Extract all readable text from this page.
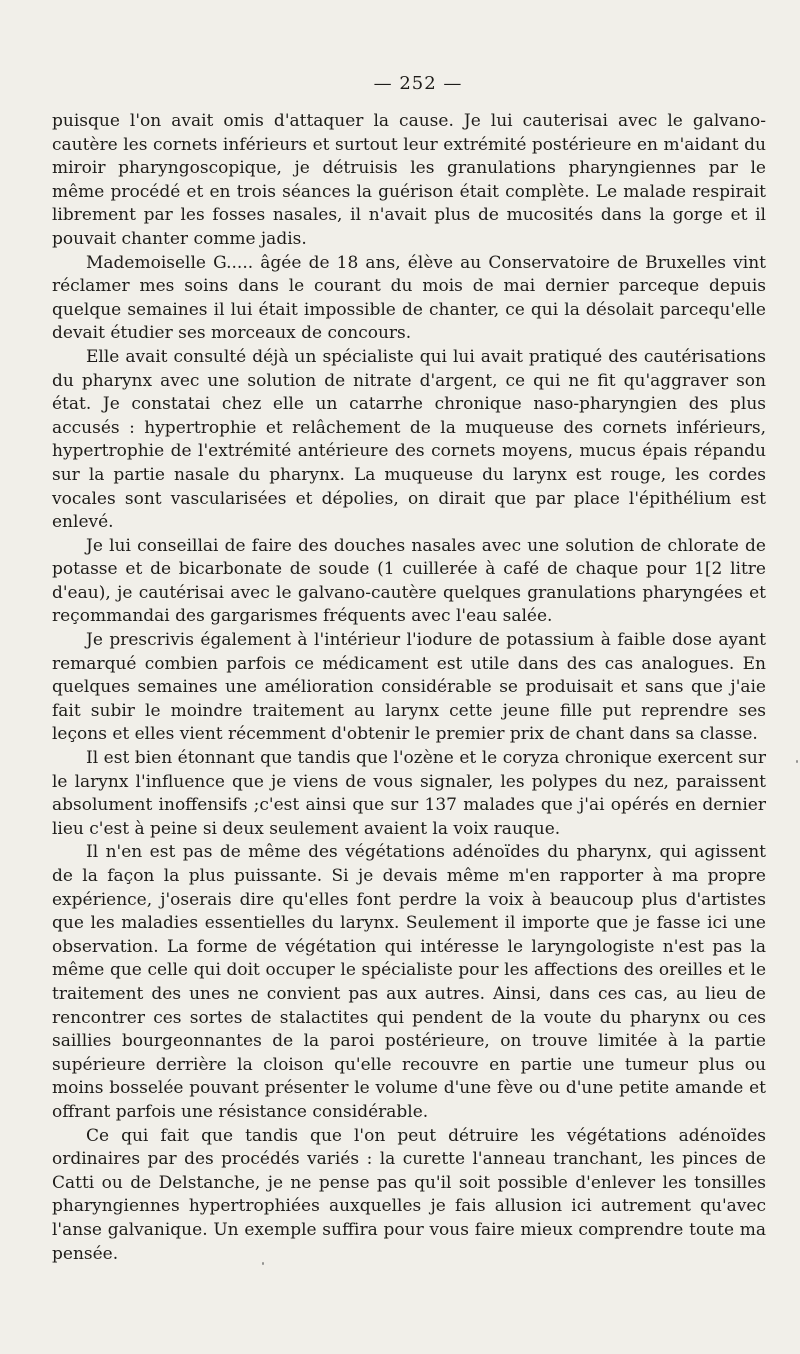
— 252 —

puisque l'on avait omis d'attaquer la cause. Je lui cauterisai avec le galvano-cautère les cornets inférieurs et surtout leur extrémité postérieure en m'aidant du miroir pharyngoscopique, je détruisis les granulations pharyngiennes par le même procédé et en trois séances la guérison était complète. Le malade respirait librement par les fosses nasales, il n'avait plus de mucosités dans la gorge et il pouvait chanter comme jadis.

Mademoiselle G..... âgée de 18 ans, élève au Conservatoire de Bruxelles vint réclamer mes soins dans le courant du mois de mai dernier parceque depuis quelque semaines il lui était impossible de chanter, ce qui la désolait parcequ'elle devait étudier ses morceaux de concours.

Elle avait consulté déjà un spécialiste qui lui avait pratiqué des cautérisations du pharynx avec une solution de nitrate d'argent, ce qui ne fit qu'aggraver son état. Je constatai chez elle un catarrhe chronique naso-pharyngien des plus accusés : hypertrophie et relâchement de la muqueuse des cornets inférieurs, hypertrophie de l'extrémité antérieure des cornets moyens, mucus épais répandu sur la partie nasale du pharynx. La muqueuse du larynx est rouge, les cordes vocales sont vascularisées et dépolies, on dirait que par place l'épithélium est enlevé.

Je lui conseillai de faire des douches nasales avec une solution de chlorate de potasse et de bicarbonate de soude (1 cuillerée à café de chaque pour 1[2 litre d'eau), je cautérisai avec le galvano-cautère quelques granulations pharyngées et reçommandai des gargarismes fréquents avec l'eau salée.

Je prescrivis également à l'intérieur l'iodure de potassium à faible dose ayant remarqué combien parfois ce médicament est utile dans des cas analogues. En quelques semaines une amélioration considérable se produisait et sans que j'aie fait subir le moindre traitement au larynx cette jeune fille put reprendre ses leçons et elles vient récemment d'obtenir le premier prix de chant dans sa classe.

Il est bien étonnant que tandis que l'ozène et le coryza chronique exercent sur le larynx l'influence que je viens de vous signaler, les polypes du nez, paraissent absolument inoffensifs ;c'est ainsi que sur 137 malades que j'ai opérés en dernier lieu c'est à peine si deux seulement avaient la voix rauque.

Il n'en est pas de même des végétations adénoïdes du pharynx, qui agissent de la façon la plus puissante. Si je devais même m'en rapporter à ma propre expérience, j'oserais dire qu'elles font perdre la voix à beaucoup plus d'artistes que les maladies essentielles du larynx. Seulement il importe que je fasse ici une observation. La forme de végétation qui intéresse le laryngologiste n'est pas la même que celle qui doit occuper le spécialiste pour les affections des oreilles et le traitement des unes ne convient pas aux autres. Ainsi, dans ces cas, au lieu de rencontrer ces sortes de stalactites qui pendent de la voute du pharynx ou ces saillies bourgeonnantes de la paroi postérieure, on trouve limitée à la partie supérieure derrière la cloison qu'elle recouvre en partie une tumeur plus ou moins bosselée pouvant présenter le volume d'une fève ou d'une petite amande et offrant parfois une résistance considérable.

Ce qui fait que tandis que l'on peut détruire les végétations adénoïdes ordinaires par des procédés variés : la curette l'anneau tranchant, les pinces de Catti ou de Delstanche, je ne pense pas qu'il soit possible d'enlever les tonsilles pharyngiennes hypertrophiées auxquelles je fais allusion ici autrement qu'avec l'anse galvanique. Un exemple suffira pour vous faire mieux comprendre toute ma pensée.
